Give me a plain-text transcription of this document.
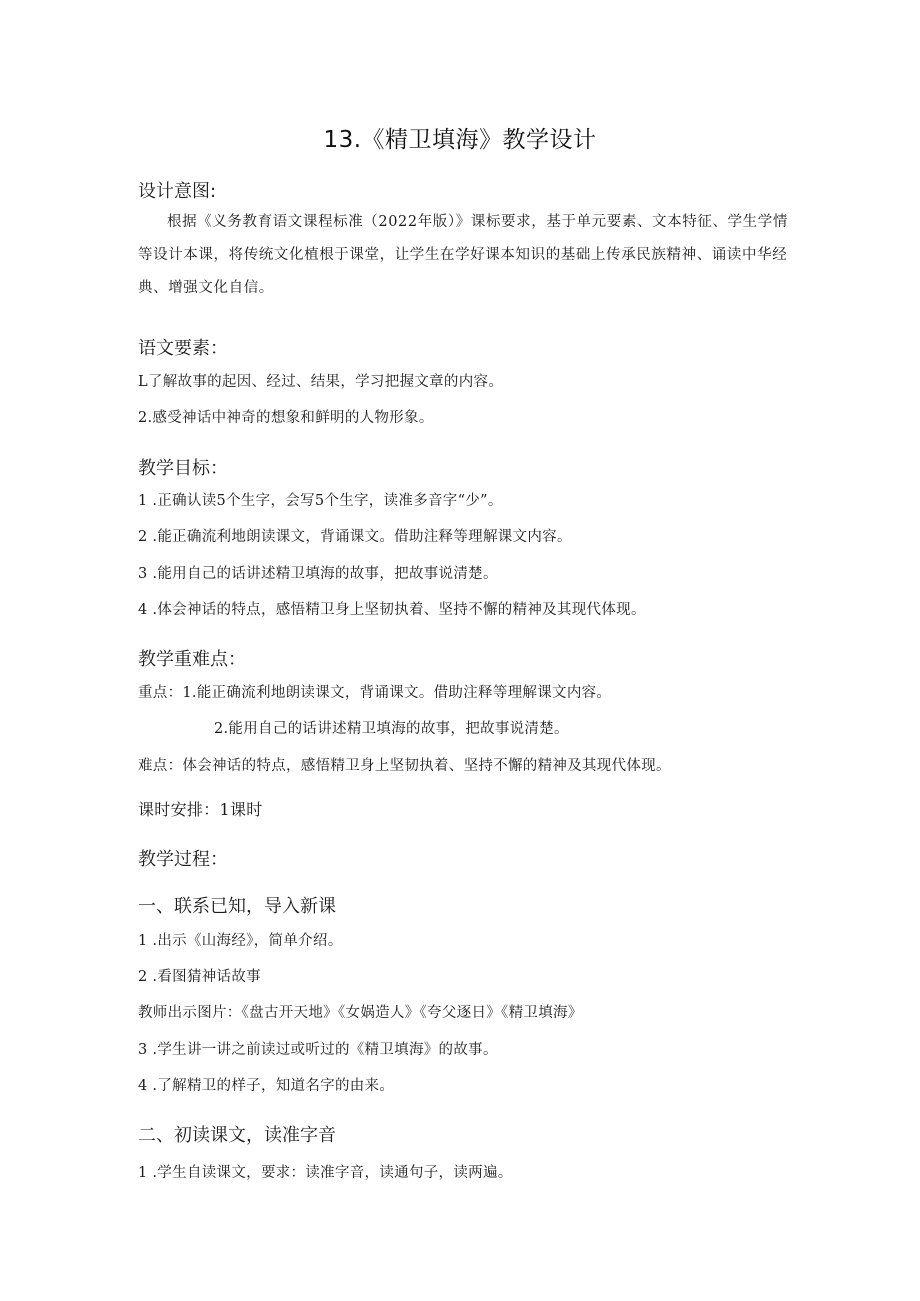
13.《精卫填海》教学设计
设计意图:
根据《义务教育语文课程标准（2022年版）》课标要求，基于单元要素、文本特征、学生学情等设计本课，将传统文化植根于课堂，让学生在学好课本知识的基础上传承民族精神、诵读中华经典、增强文化自信。
语文要素：
L了解故事的起因、经过、结果，学习把握文章的内容。
2.感受神话中神奇的想象和鲜明的人物形象。
教学目标：
1 .正确认读5个生字，会写5个生字，读准多音字“少”。
2 .能正确流利地朗读课文，背诵课文。借助注释等理解课文内容。
3 .能用自己的话讲述精卫填海的故事，把故事说清楚。
4 .体会神话的特点，感悟精卫身上坚韧执着、坚持不懈的精神及其现代体现。
教学重难点：
重点：1.能正确流利地朗读课文，背诵课文。借助注释等理解课文内容。
2.能用自己的话讲述精卫填海的故事，把故事说清楚。
难点：体会神话的特点，感悟精卫身上坚韧执着、坚持不懈的精神及其现代体现。
课时安排：1课时
教学过程：
一、联系已知，导入新课
1 .出示《山海经》，简单介绍。
2 .看图猜神话故事
教师出示图片：《盘古开天地》《女娲造人》《夸父逐日》《精卫填海》
3 .学生讲一讲之前读过或听过的《精卫填海》的故事。
4 .了解精卫的样子，知道名字的由来。
二、初读课文，读准字音
1 .学生自读课文，要求：读准字音，读通句子，读两遍。
